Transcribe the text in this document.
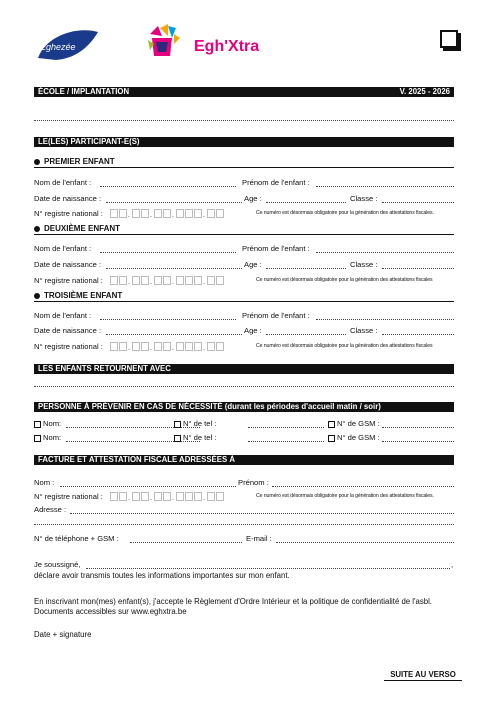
Eghezée	Egh'Xtra
ÉCOLE / IMPLANTATION	V. 2025 - 2026
LE(LES) PARTICIPANT-E(S)
PREMIER ENFANT
Nom de l'enfant :	Prénom de l'enfant :
Date de naissance :	Age :	Classe :
N° registre national :	.	.	.	.	Ce numéro est désormais obligatoire pour la génération des attestations fiscales.
DEUXIÈME ENFANT
Nom de l'enfant :	Prénom de l'enfant :
Date de naissance :	Age :	Classe :
N° registre national :	.	.	.	.	Ce numéro est désormais obligatoire pour la génération des attestations fiscales
TROISIÈME ENFANT
Nom de l'enfant :	Prénom de l'enfant :
Date de naissance :	Age :	Classe :
N° registre national :	.	.	.	.	Ce numéro est désormais obligatoire pour la génération des attestations fiscales
LES ENFANTS RETOURNENT AVEC
PERSONNE À PRÉVENIR EN CAS DE NÉCESSITÉ (durant les périodes d'accueil matin / soir)
Nom:	N° de tel :	N° de GSM :
Nom:	N° de tel :	N° de GSM :
FACTURE ET ATTESTATION FISCALE ADRESSÉES À
Nom :	Prénom :
N° registre national :	.	.	.	.	Ce numéro est désormais obligatoire pour la génération des attestations fiscales.
Adresse :
N° de téléphone + GSM :	E-mail :
Je soussigné,	,
déclare avoir transmis toutes les informations importantes sur mon enfant.
En inscrivant mon(mes) enfant(s), j'accepte le Règlement d'Ordre Intérieur et la politique de confidentialité de l'asbl.
Documents accessibles sur www.eghxtra.be
Date + signature
SUITE AU VERSO
